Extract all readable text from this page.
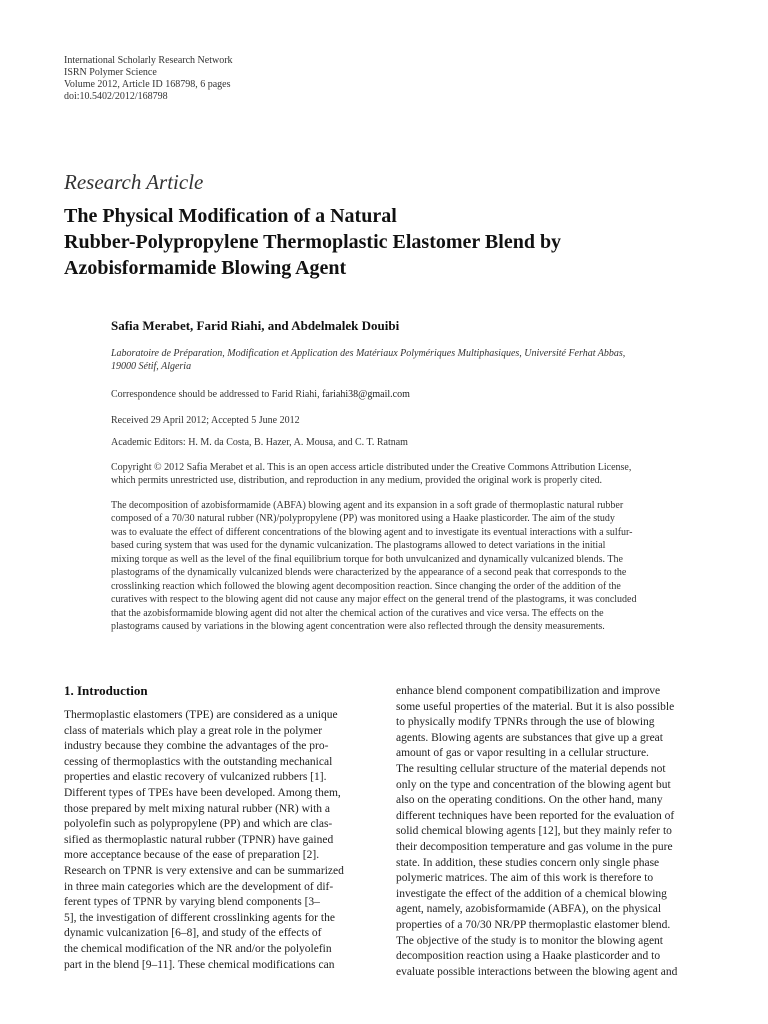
International Scholarly Research Network
ISRN Polymer Science
Volume 2012, Article ID 168798, 6 pages
doi:10.5402/2012/168798
Research Article
The Physical Modification of a Natural
Rubber-Polypropylene Thermoplastic Elastomer Blend by
Azobisformamide Blowing Agent
Safia Merabet, Farid Riahi, and Abdelmalek Douibi
Laboratoire de Préparation, Modification et Application des Matériaux Polymériques Multiphasiques, Université Ferhat Abbas,
19000 Sétif, Algeria
Correspondence should be addressed to Farid Riahi, fariahi38@gmail.com
Received 29 April 2012; Accepted 5 June 2012
Academic Editors: H. M. da Costa, B. Hazer, A. Mousa, and C. T. Ratnam
Copyright © 2012 Safia Merabet et al. This is an open access article distributed under the Creative Commons Attribution License,
which permits unrestricted use, distribution, and reproduction in any medium, provided the original work is properly cited.
The decomposition of azobisformamide (ABFA) blowing agent and its expansion in a soft grade of thermoplastic natural rubber
composed of a 70/30 natural rubber (NR)/polypropylene (PP) was monitored using a Haake plasticorder. The aim of the study
was to evaluate the effect of different concentrations of the blowing agent and to investigate its eventual interactions with a sulfur-
based curing system that was used for the dynamic vulcanization. The plastograms allowed to detect variations in the initial
mixing torque as well as the level of the final equilibrium torque for both unvulcanized and dynamically vulcanized blends. The
plastograms of the dynamically vulcanized blends were characterized by the appearance of a second peak that corresponds to the
crosslinking reaction which followed the blowing agent decomposition reaction. Since changing the order of the addition of the
curatives with respect to the blowing agent did not cause any major effect on the general trend of the plastograms, it was concluded
that the azobisformamide blowing agent did not alter the chemical action of the curatives and vice versa. The effects on the
plastograms caused by variations in the blowing agent concentration were also reflected through the density measurements.
1. Introduction
Thermoplastic elastomers (TPE) are considered as a unique
class of materials which play a great role in the polymer
industry because they combine the advantages of the pro-
cessing of thermoplastics with the outstanding mechanical
properties and elastic recovery of vulcanized rubbers [1].
Different types of TPEs have been developed. Among them,
those prepared by melt mixing natural rubber (NR) with a
polyolefin such as polypropylene (PP) and which are clas-
sified as thermoplastic natural rubber (TPNR) have gained
more acceptance because of the ease of preparation [2].
Research on TPNR is very extensive and can be summarized
in three main categories which are the development of dif-
ferent types of TPNR by varying blend components [3–
5], the investigation of different crosslinking agents for the
dynamic vulcanization [6–8], and study of the effects of
the chemical modification of the NR and/or the polyolefin
part in the blend [9–11]. These chemical modifications can
enhance blend component compatibilization and improve
some useful properties of the material. But it is also possible
to physically modify TPNRs through the use of blowing
agents. Blowing agents are substances that give up a great
amount of gas or vapor resulting in a cellular structure.
The resulting cellular structure of the material depends not
only on the type and concentration of the blowing agent but
also on the operating conditions. On the other hand, many
different techniques have been reported for the evaluation of
solid chemical blowing agents [12], but they mainly refer to
their decomposition temperature and gas volume in the pure
state. In addition, these studies concern only single phase
polymeric matrices. The aim of this work is therefore to
investigate the effect of the addition of a chemical blowing
agent, namely, azobisformamide (ABFA), on the physical
properties of a 70/30 NR/PP thermoplastic elastomer blend.
The objective of the study is to monitor the blowing agent
decomposition reaction using a Haake plasticorder and to
evaluate possible interactions between the blowing agent and
